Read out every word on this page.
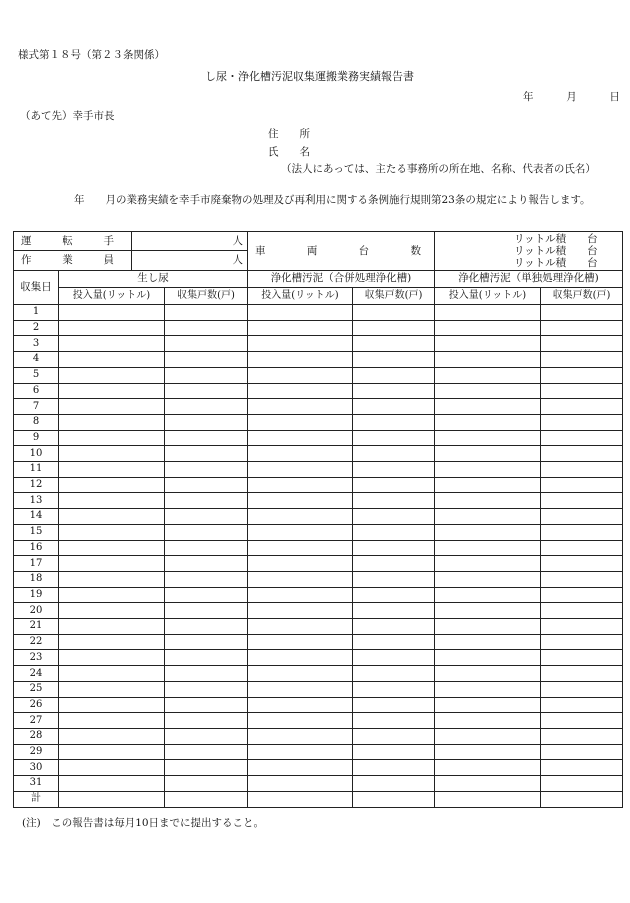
様式第１８号（第２３条関係）
し尿・浄化槽汚泥収集運搬業務実績報告書
年	月	日
（あて先）幸手市長
住　　所
氏　　名
（法人にあっては、主たる事務所の所在地、名称、代表者の氏名）
年　　月の業務実績を幸手市廃棄物の処理及び再利用に関する条例施行規則第23条の規定により報告します。
運 転 手		人		車 両 台 数		リットル積　　台
リットル積　　台
リットル積　　台	

作 業 員		人					
収集日	生し尿			浄化槽汚泥（合併処理浄化槽)		浄化槽汚泥（単独処理浄化槽)	
	投入量(リットル)		収集戸数(戸)	投入量(リットル)	収集戸数(戸)	投入量(リットル)	収集戸数(戸)
1							
2							
3							
4							
5							
6							
7							
8							
9							
10							
11							
12							
13							
14							
15							
16							
17							
18							
19							
20							
21							
22							
23							
24							
25							
26							
27							
28							
29							
30							
31							
計							
(注)　この報告書は毎月10日までに提出すること。
